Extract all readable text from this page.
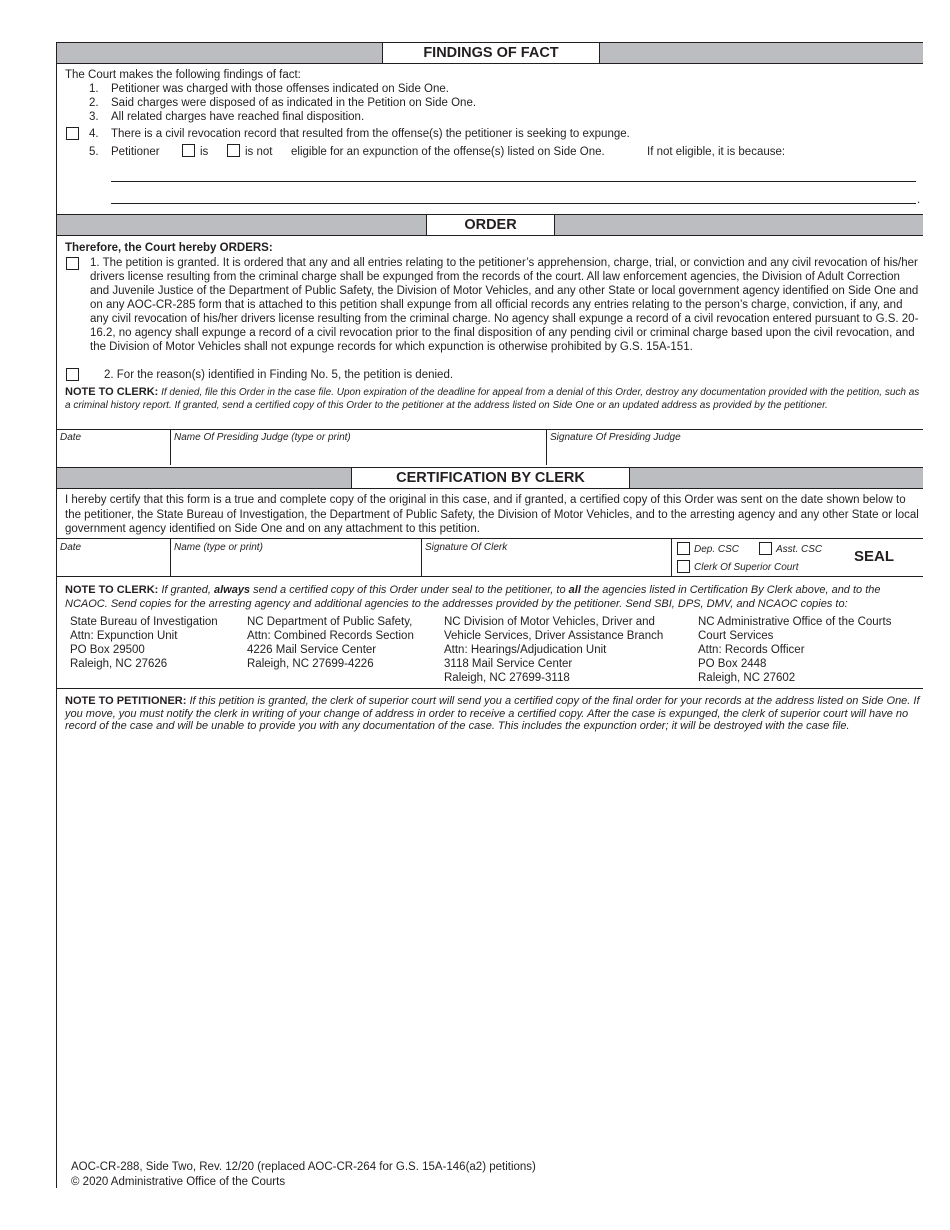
FINDINGS OF FACT
The Court makes the following findings of fact:
1. Petitioner was charged with those offenses indicated on Side One.
2. Said charges were disposed of as indicated in the Petition on Side One.
3. All related charges have reached final disposition.
4. There is a civil revocation record that resulted from the offense(s) the petitioner is seeking to expunge.
5. Petitioner	is	is not eligible for an expunction of the offense(s) listed on Side One.	If not eligible, it is because:
.
ORDER
Therefore, the Court hereby ORDERS:
1. The petition is granted. It is ordered that any and all entries relating to the petitioner’s apprehension, charge, trial, or conviction and any civil revocation of his/her drivers license resulting from the criminal charge shall be expunged from the records of the court. All law enforcement agencies, the Division of Adult Correction and Juvenile Justice of the Department of Public Safety, the Division of Motor Vehicles, and any other State or local government agency identified on Side One and on any AOC-CR-285 form that is attached to this petition shall expunge from all official records any entries relating to the person’s charge, conviction, if any, and any civil revocation of his/her drivers license resulting from the criminal charge. No agency shall expunge a record of a civil revocation entered pursuant to G.S. 20-16.2, no agency shall expunge a record of a civil revocation prior to the final disposition of any pending civil or criminal charge based upon the civil revocation, and the Division of Motor Vehicles shall not expunge records for which expunction is otherwise prohibited by G.S. 15A-151.
2. For the reason(s) identified in Finding No. 5, the petition is denied.
NOTE TO CLERK: If denied, file this Order in the case file. Upon expiration of the deadline for appeal from a denial of this Order, destroy any documentation provided with the petition, such as a criminal history report. If granted, send a certified copy of this Order to the petitioner at the address listed on Side One or an updated address as provided by the petitioner.
Date	Name Of Presiding Judge (type or print)	Signature Of Presiding Judge
CERTIFICATION BY CLERK
I hereby certify that this form is a true and complete copy of the original in this case, and if granted, a certified copy of this Order was sent on the date shown below to the petitioner, the State Bureau of Investigation, the Department of Public Safety, the Division of Motor Vehicles, and to the arresting agency and any other State or local government agency identified on Side One and on any attachment to this petition.
Date	Name (type or print)	Signature Of Clerk	Dep. CSC	Asst. CSC
Clerk Of Superior Court
SEAL
NOTE TO CLERK: If granted, always send a certified copy of this Order under seal to the petitioner, to all the agencies listed in Certification By Clerk above, and to the NCAOC. Send copies for the arresting agency and additional agencies to the addresses provided by the petitioner. Send SBI, DPS, DMV, and NCAOC copies to:
State Bureau of Investigation
Attn: Expunction Unit
PO Box 29500
Raleigh, NC 27626
NC Department of Public Safety,
Attn: Combined Records Section
4226 Mail Service Center
Raleigh, NC 27699-4226
NC Division of Motor Vehicles, Driver and
Vehicle Services, Driver Assistance Branch
Attn: Hearings/Adjudication Unit
3118 Mail Service Center
Raleigh, NC 27699-3118
NC Administrative Office of the Courts
Court Services
Attn: Records Officer
PO Box 2448
Raleigh, NC 27602
NOTE TO PETITIONER: If this petition is granted, the clerk of superior court will send you a certified copy of the final order for your records at the address listed on Side One. If you move, you must notify the clerk in writing of your change of address in order to receive a certified copy. After the case is expunged, the clerk of superior court will have no record of the case and will be unable to provide you with any documentation of the case. This includes the expunction order; it will be destroyed with the case file.
AOC-CR-288, Side Two, Rev. 12/20 (replaced AOC-CR-264 for G.S. 15A-146(a2) petitions)
© 2020 Administrative Office of the Courts
